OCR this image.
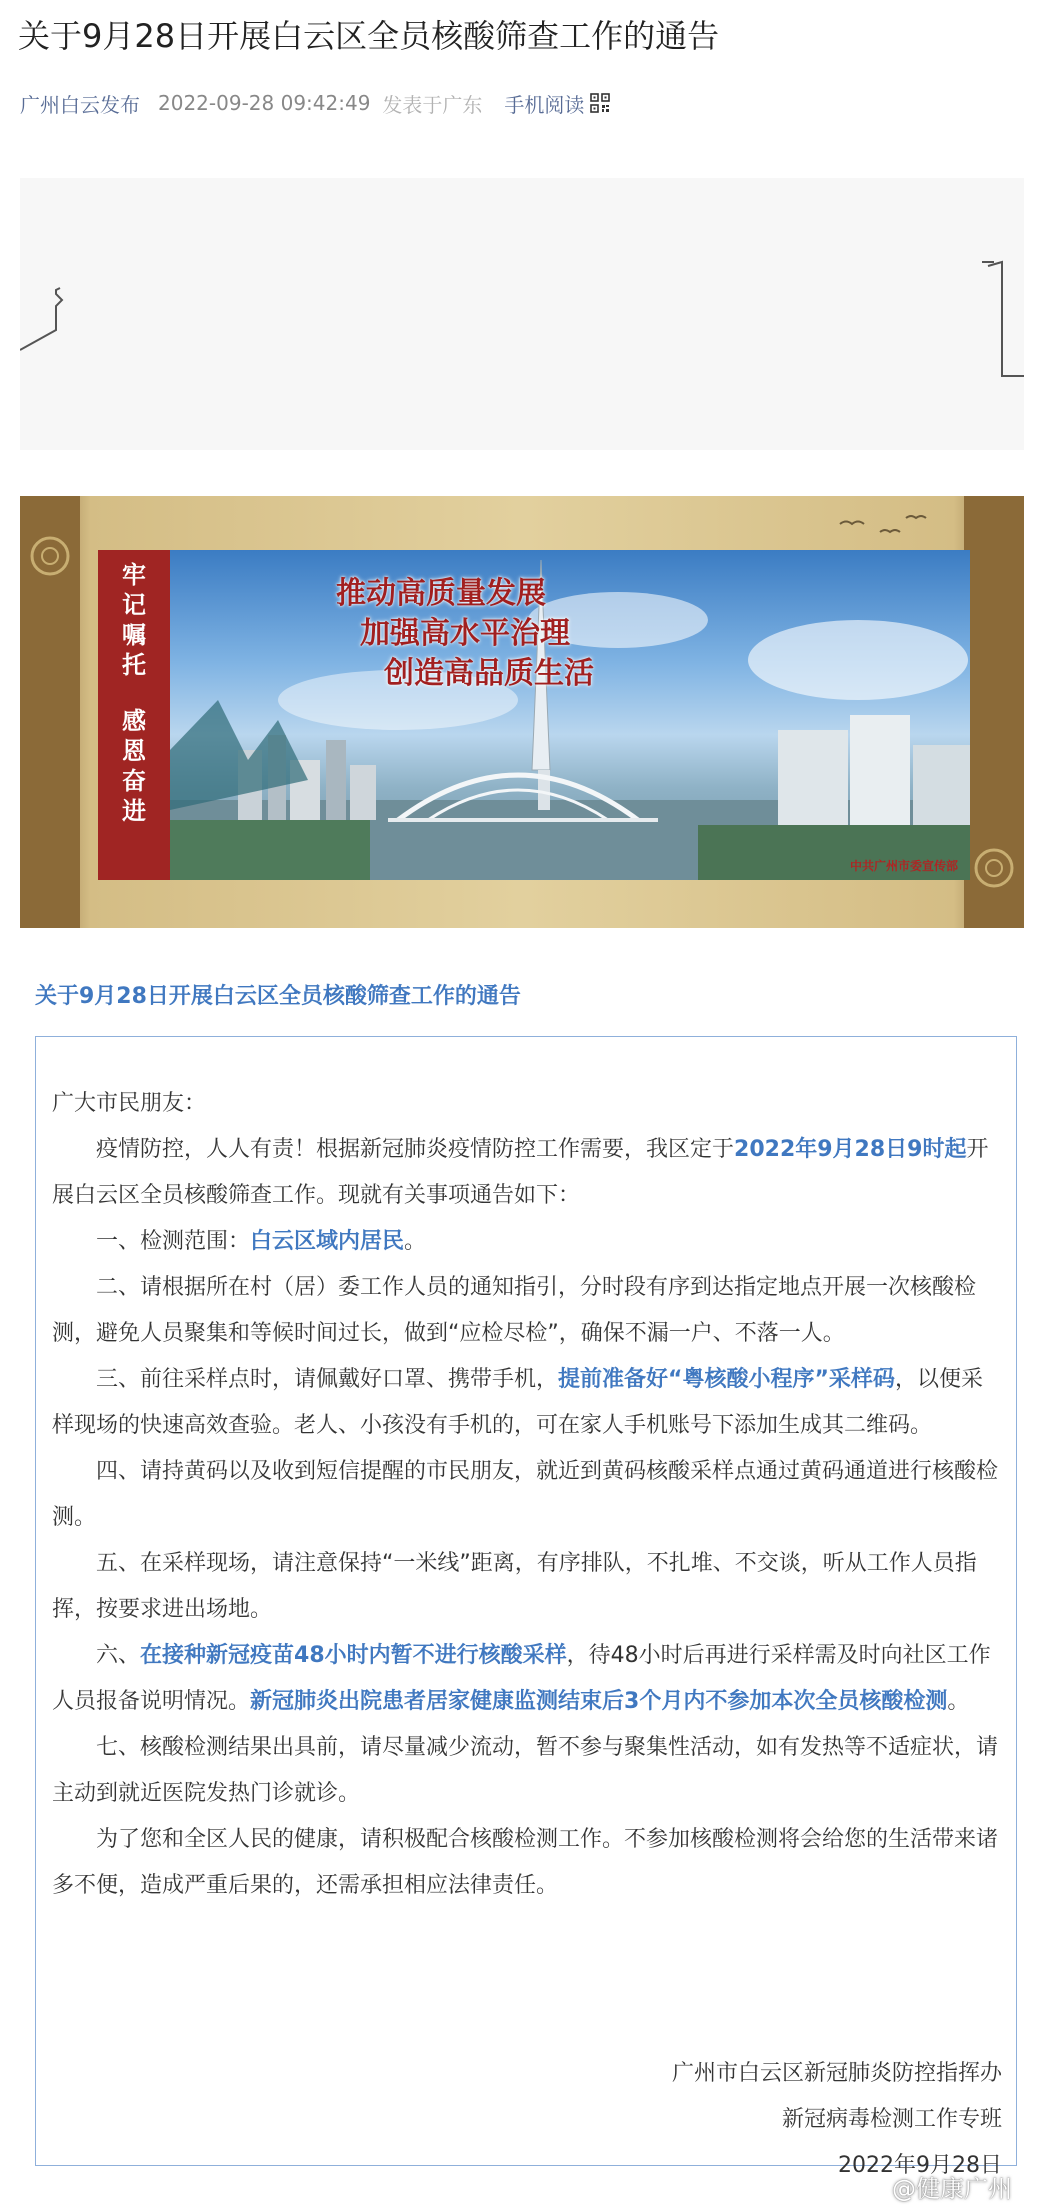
关于9月28日开展白云区全员核酸筛查工作的通告
广州白云发布 2022-09-28 09:42:49 发表于广东 手机阅读
牢记嘱托
感恩奋进
推动高质量发展
加强高水平治理
创造高品质生活
中共广州市委宣传部
关于9月28日开展白云区全员核酸筛查工作的通告

广大市民朋友：

疫情防控，人人有责！根据新冠肺炎疫情防控工作需要，我区定于2022年9月28日9时起开展白云区全员核酸筛查工作。现就有关事项通告如下：

一、检测范围：白云区域内居民。

二、请根据所在村（居）委工作人员的通知指引，分时段有序到达指定地点开展一次核酸检测，避免人员聚集和等候时间过长，做到“应检尽检”，确保不漏一户、不落一人。

三、前往采样点时，请佩戴好口罩、携带手机，提前准备好“粤核酸小程序”采样码，以便采样现场的快速高效查验。老人、小孩没有手机的，可在家人手机账号下添加生成其二维码。

四、请持黄码以及收到短信提醒的市民朋友，就近到黄码核酸采样点通过黄码通道进行核酸检测。

五、在采样现场，请注意保持“一米线”距离，有序排队，不扎堆、不交谈，听从工作人员指挥，按要求进出场地。

六、在接种新冠疫苗48小时内暂不进行核酸采样，待48小时后再进行采样需及时向社区工作人员报备说明情况。新冠肺炎出院患者居家健康监测结束后3个月内不参加本次全员核酸检测。

七、核酸检测结果出具前，请尽量减少流动，暂不参与聚集性活动，如有发热等不适症状，请主动到就近医院发热门诊就诊。

为了您和全区人民的健康，请积极配合核酸检测工作。不参加核酸检测将会给您的生活带来诸多不便，造成严重后果的，还需承担相应法律责任。

广州市白云区新冠肺炎防控指挥办
新冠病毒检测工作专班
2022年9月28日
@健康广州
